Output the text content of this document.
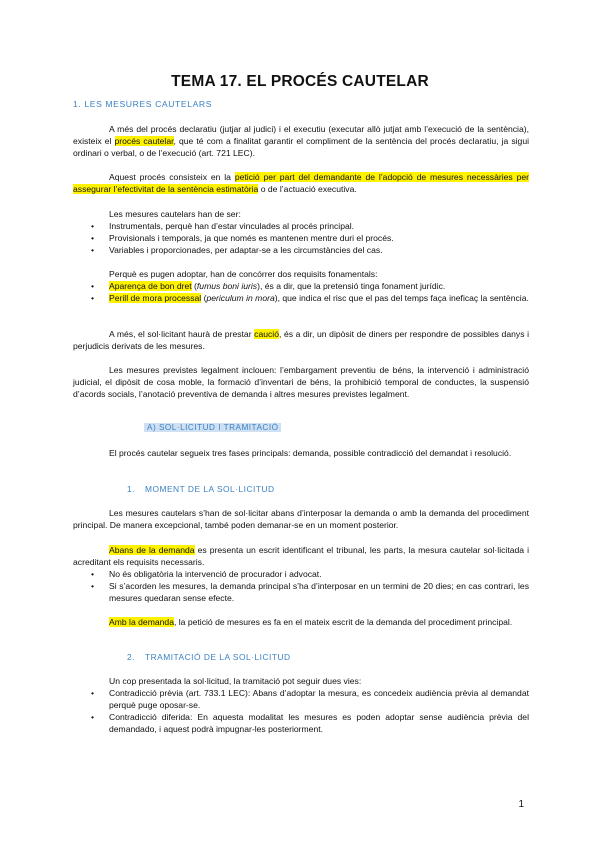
TEMA 17. EL PROCÉS CAUTELAR
1. LES MESURES CAUTELARS
A més del procés declaratiu (jutjar al judici) i el executiu (executar allò jutjat amb l’execució de la sentència), existeix el procés cautelar, que té com a finalitat garantir el compliment de la sentència del procés declaratiu, ja sigui ordinari o verbal, o de l’execució (art. 721 LEC).
Aquest procés consisteix en la petició per part del demandante de l’adopció de mesures necessàries per assegurar l’efectivitat de la sentència estimatòria o de l’actuació executiva.
Les mesures cautelars han de ser:
• Instrumentals, perquè han d’estar vinculades al procés principal.
• Provisionals i temporals, ja que només es mantenen mentre duri el procés.
• Variables i proporcionades, per adaptar-se a les circumstàncies del cas.
Perquè es pugen adoptar, han de concórrer dos requisits fonamentals:
• Aparença de bon dret (fumus boni iuris), és a dir, que la pretensió tinga fonament jurídic.
• Perill de mora processal (periculum in mora), que indica el risc que el pas del temps faça ineficaç la sentència.
A més, el sol·licitant haurà de prestar caució, és a dir, un dipòsit de diners per respondre de possibles danys i perjudicis derivats de les mesures.
Les mesures previstes legalment inclouen: l’embargament preventiu de béns, la intervenció i administració judicial, el dipòsit de cosa moble, la formació d’inventari de béns, la prohibició temporal de conductes, la suspensió d’acords socials, l’anotació preventiva de demanda i altres mesures previstes legalment.
A) SOL·LICITUD I TRAMITACIÓ
El procés cautelar segueix tres fases principals: demanda, possible contradicció del demandat i resolució.
1. MOMENT DE LA SOL·LICITUD
Les mesures cautelars s’han de sol·licitar abans d’interposar la demanda o amb la demanda del procediment principal. De manera excepcional, també poden demanar-se en un moment posterior.
Abans de la demanda es presenta un escrit identificant el tribunal, les parts, la mesura cautelar sol·licitada i acreditant els requisits necessaris.
• No és obligatòria la intervenció de procurador i advocat.
• Si s’acorden les mesures, la demanda principal s’ha d’interposar en un termini de 20 dies; en cas contrari, les mesures quedaran sense efecte.
Amb la demanda, la petició de mesures es fa en el mateix escrit de la demanda del procediment principal.
2. TRAMITACIÓ DE LA SOL·LICITUD
Un cop presentada la sol·licitud, la tramitació pot seguir dues vies:
• Contradicció prèvia (art. 733.1 LEC): Abans d’adoptar la mesura, es concedeix audiència prèvia al demandat perquè puge oposar-se.
• Contradicció diferida: En aquesta modalitat les mesures es poden adoptar sense audiència prèvia del demandado, i aquest podrà impugnar-les posteriorment.
1
